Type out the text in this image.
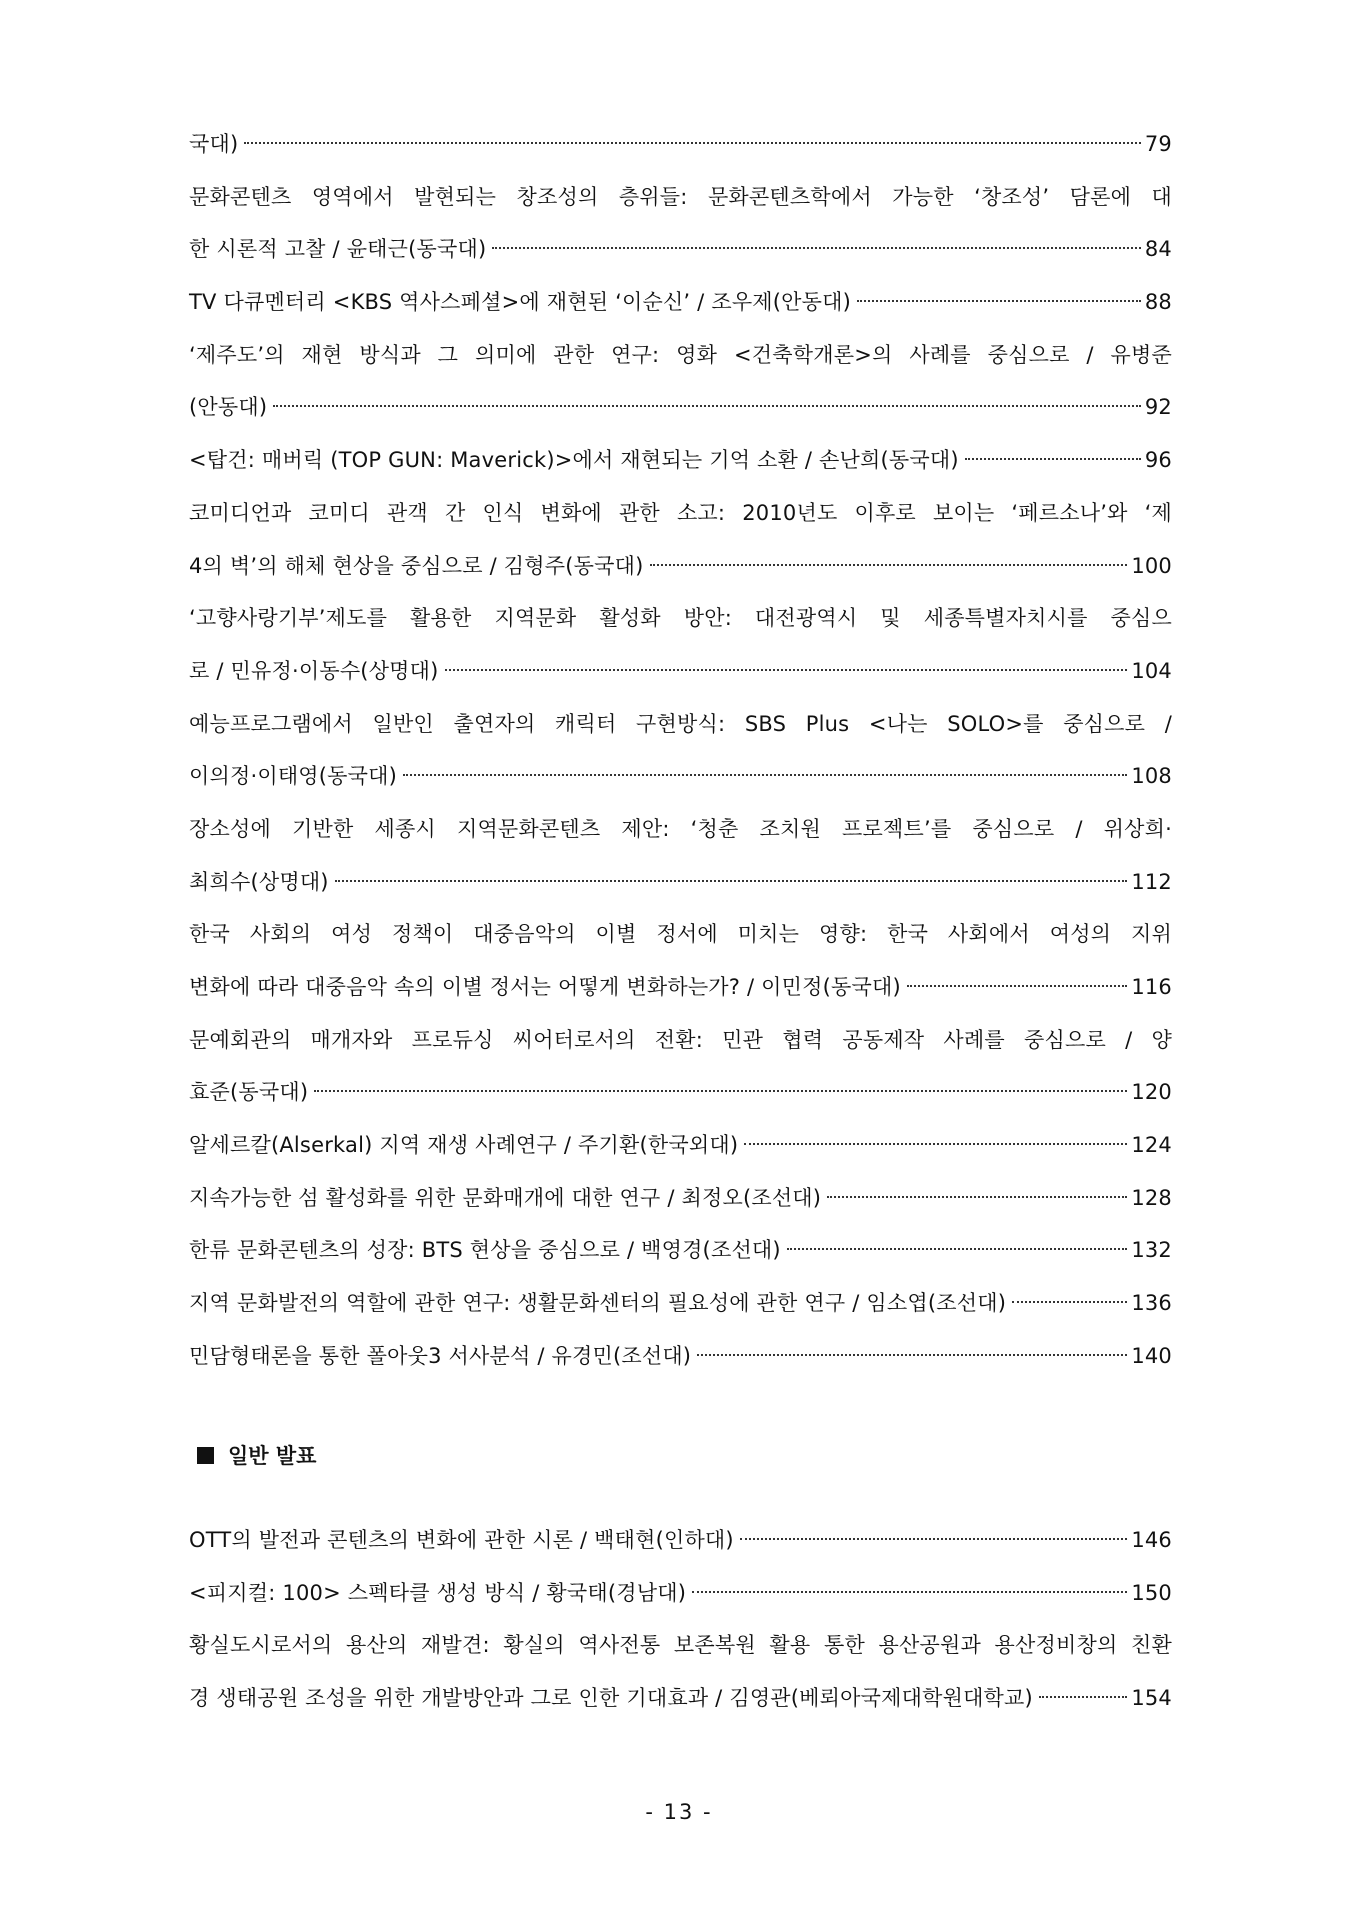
국대)	79
문화콘텐츠 영역에서 발현되는 창조성의 층위들: 문화콘텐츠학에서 가능한 ‘창조성’ 담론에 대
한 시론적 고찰 / 윤태근(동국대)	84
TV 다큐멘터리 <KBS 역사스페셜>에 재현된 ‘이순신’ / 조우제(안동대)	88
‘제주도’의 재현 방식과 그 의미에 관한 연구: 영화 <건축학개론>의 사례를 중심으로 / 유병준
(안동대)	92
<탑건: 매버릭 (TOP GUN: Maverick)>에서 재현되는 기억 소환 / 손난희(동국대)	96
코미디언과 코미디 관객 간 인식 변화에 관한 소고: 2010년도 이후로 보이는 ‘페르소나’와 ‘제
4의 벽’의 해체 현상을 중심으로 / 김형주(동국대)	100
‘고향사랑기부’제도를 활용한 지역문화 활성화 방안: 대전광역시 및 세종특별자치시를 중심으
로 / 민유정·이동수(상명대)	104
예능프로그램에서 일반인 출연자의 캐릭터 구현방식: SBS Plus <나는 SOLO>를 중심으로 /
이의정·이태영(동국대)	108
장소성에 기반한 세종시 지역문화콘텐츠 제안: ‘청춘 조치원 프로젝트’를 중심으로 / 위상희·
최희수(상명대)	112
한국 사회의 여성 정책이 대중음악의 이별 정서에 미치는 영향: 한국 사회에서 여성의 지위
변화에 따라 대중음악 속의 이별 정서는 어떻게 변화하는가? / 이민정(동국대)	116
문예회관의 매개자와 프로듀싱 씨어터로서의 전환: 민관 협력 공동제작 사례를 중심으로 / 양
효준(동국대)	120
알세르칼(Alserkal) 지역 재생 사례연구 / 주기환(한국외대)	124
지속가능한 섬 활성화를 위한 문화매개에 대한 연구 / 최정오(조선대)	128
한류 문화콘텐츠의 성장: BTS 현상을 중심으로 / 백영경(조선대)	132
지역 문화발전의 역할에 관한 연구: 생활문화센터의 필요성에 관한 연구 / 임소엽(조선대)	136
민담형태론을 통한 폴아웃3 서사분석 / 유경민(조선대)	140
일반 발표
OTT의 발전과 콘텐츠의 변화에 관한 시론 / 백태현(인하대)	146
<피지컬: 100> 스펙타클 생성 방식 / 황국태(경남대)	150
황실도시로서의 용산의 재발견: 황실의 역사전통 보존복원 활용 통한 용산공원과 용산정비창의 친환
경 생태공원 조성을 위한 개발방안과 그로 인한 기대효과 / 김영관(베뢰아국제대학원대학교)	154
- 13 -
